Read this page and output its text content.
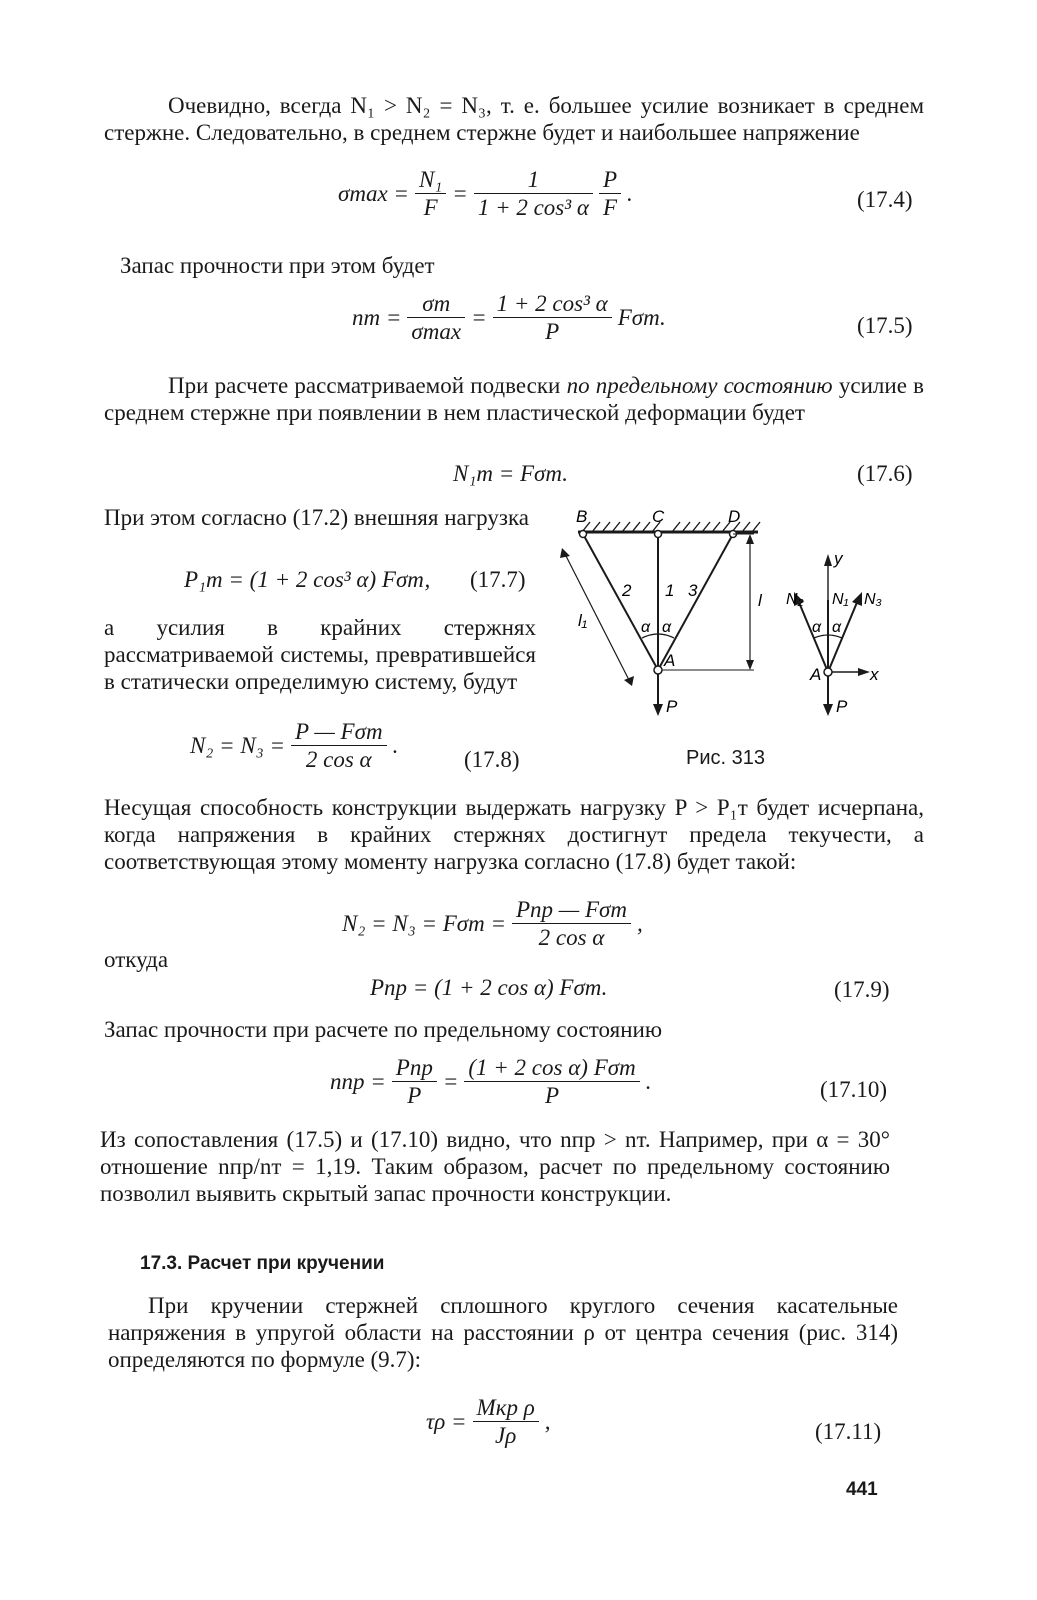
Очевидно, всегда N₁ > N₂ = N₃, т. е. большее усилие возникает в среднем стержне. Следовательно, в среднем стержне будет и наибольшее напряжение
$\sigma\max = \frac{\text{N₁}}{F} = \frac{1}{\text{1 + 2 cos³ α}} \frac{P}{F}$ .	(17.4)
Запас прочности при этом будет
nт = $\frac{\sigma т}{\sigma\max} = \frac{\text{1 + 2 cos³ α}}{P} F\sigma т$.	(17.5)
При расчете рассматриваемой подвески по предельному состоянию усилие в среднем стержне при появлении в нем пластической деформации будет
N₁т = Fσт.	(17.6)
При этом согласно (17.2) внешняя нагрузка
P₁т = (1 + 2 cos³ α) Fσт, (17.7)
а усилия в крайних стержнях рассматриваемой системы, превратившейся в статически определимую систему, будут
$N_2 = N_3 = \frac{\text{P — Fσт}}{\text{2 cos α}}$ .
(17.8)
B	C	D
2 1 3
α α
A
l
l₁
P
y
x
N₂ N₁ N₃
α α
A
P
Рис. 313
Несущая способность конструкции выдержать нагрузку P > P₁т будет исчерпана, когда напряжения в крайних стержнях достигнут предела текучести, а соответствующая этому моменту нагрузка согласно (17.8) будет такой:
$N_2 = N_3 = F\sigma т = \frac{\text{Pпр — Fσт}}{\text{2 cos α}}$ ,
откуда
Pпр = (1 + 2 cos α) Fσт.	(17.9)
Запас прочности при расчете по предельному состоянию
nпр = $\frac{\text{Pпр}}{P} = \frac{\text{(1 + 2 cos α) Fσт}}{P}$ .	(17.10)
Из сопоставления (17.5) и (17.10) видно, что nпр > nт. Например, при α = 30° отношение nпр/nт = 1,19. Таким образом, расчет по предельному состоянию позволил выявить скрытый запас прочности конструкции.
17.3. Расчет при кручении
При кручении стержней сплошного круглого сечения касательные напряжения в упругой области на расстоянии ρ от центра сечения (рис. 314) определяются по формуле (9.7):
$\tau\rho = \frac{\text{Mкр ρ}}{J\rho}$ ,	(17.11)
441
